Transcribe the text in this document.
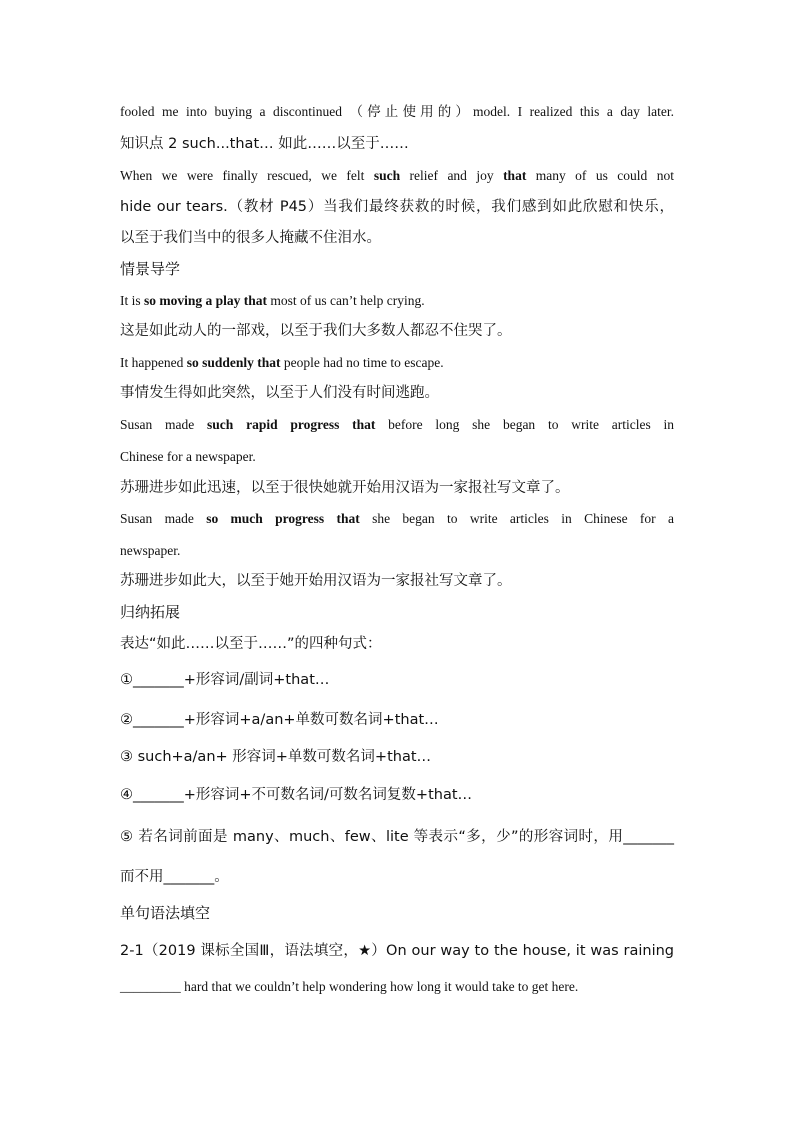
fooled me into buying a discontinued （停止使用的）model. I realized this a day later.
知识点 2 such...that… 如此……以至于……
When we were finally rescued, we felt such relief and joy that many of us could not
hide our tears.（教材 P45）当我们最终获救的时候，我们感到如此欣慰和快乐，
以至于我们当中的很多人掩藏不住泪水。
情景导学
It is so moving a play that most of us can’t help crying.
这是如此动人的一部戏，以至于我们大多数人都忍不住哭了。
It happened so suddenly that people had no time to escape.
事情发生得如此突然，以至于人们没有时间逃跑。
Susan made such rapid progress that before long she began to write articles in
Chinese for a newspaper.
苏珊进步如此迅速，以至于很快她就开始用汉语为一家报社写文章了。
Susan made so much progress that she began to write articles in Chinese for a
newspaper.
苏珊进步如此大，以至于她开始用汉语为一家报社写文章了。
归纳拓展
表达“如此……以至于……”的四种句式：
①_______+形容词/副词+that…
②_______+形容词+a/an+单数可数名词+that…
③ such+a/an+ 形容词+单数可数名词+that…
④_______+形容词+不可数名词/可数名词复数+that…
⑤ 若名词前面是 many、much、few、lite 等表示“多，少”的形容词时，用_______
而不用_______。
单句语法填空
2-1（2019 课标全国Ⅲ，语法填空，★）On our way to the house, it was raining
_________ hard that we couldn’t help wondering how long it would take to get here.
